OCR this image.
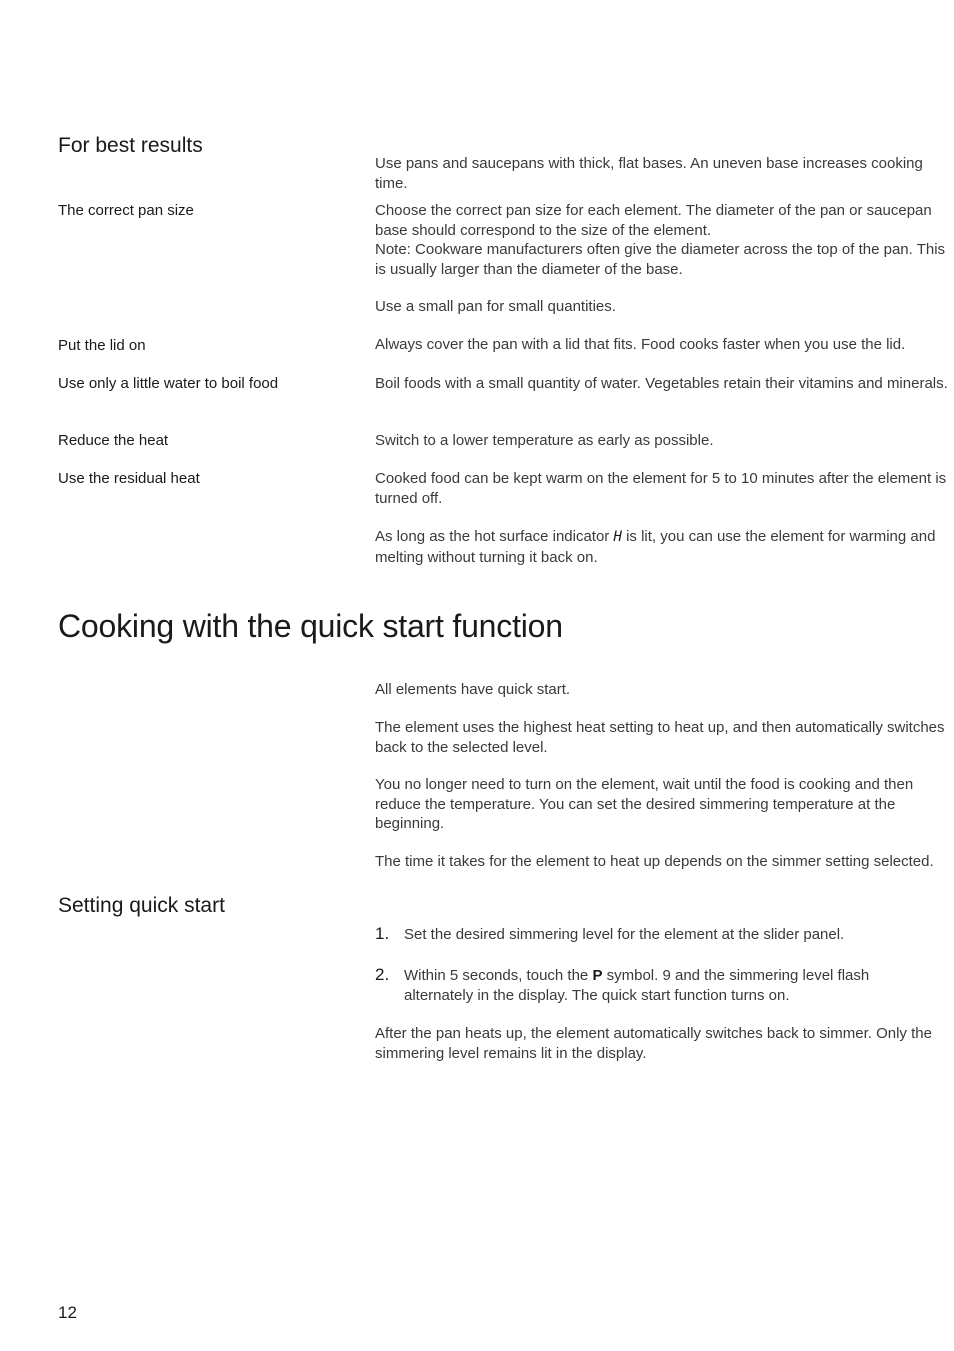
For best results
Use pans and saucepans with thick, flat bases. An uneven base increases cooking time.
The correct pan size	Choose the correct pan size for each element. The diameter of the pan or saucepan base should correspond to the size of the element.
Note: Cookware manufacturers often give the diameter across the top of the pan. This is usually larger than the diameter of the base.
Use a small pan for small quantities.
Put the lid on	Always cover the pan with a lid that fits. Food cooks faster when you use the lid.
Use only a little water to boil food	Boil foods with a small quantity of water. Vegetables retain their vitamins and minerals.
Reduce the heat	Switch to a lower temperature as early as possible.
Use the residual heat	Cooked food can be kept warm on the element for 5 to 10 minutes after the element is turned off.
As long as the hot surface indicator H is lit, you can use the element for warming and melting without turning it back on.
Cooking with the quick start function
All elements have quick start.
The element uses the highest heat setting to heat up, and then automatically switches back to the selected level.
You no longer need to turn on the element, wait until the food is cooking and then reduce the temperature. You can set the desired simmering temperature at the beginning.
The time it takes for the element to heat up depends on the simmer setting selected.
Setting quick start
1. Set the desired simmering level for the element at the slider panel.
2. Within 5 seconds, touch the P symbol. 9 and the simmering level flash alternately in the display. The quick start function turns on.
After the pan heats up, the element automatically switches back to simmer. Only the simmering level remains lit in the display.
12
